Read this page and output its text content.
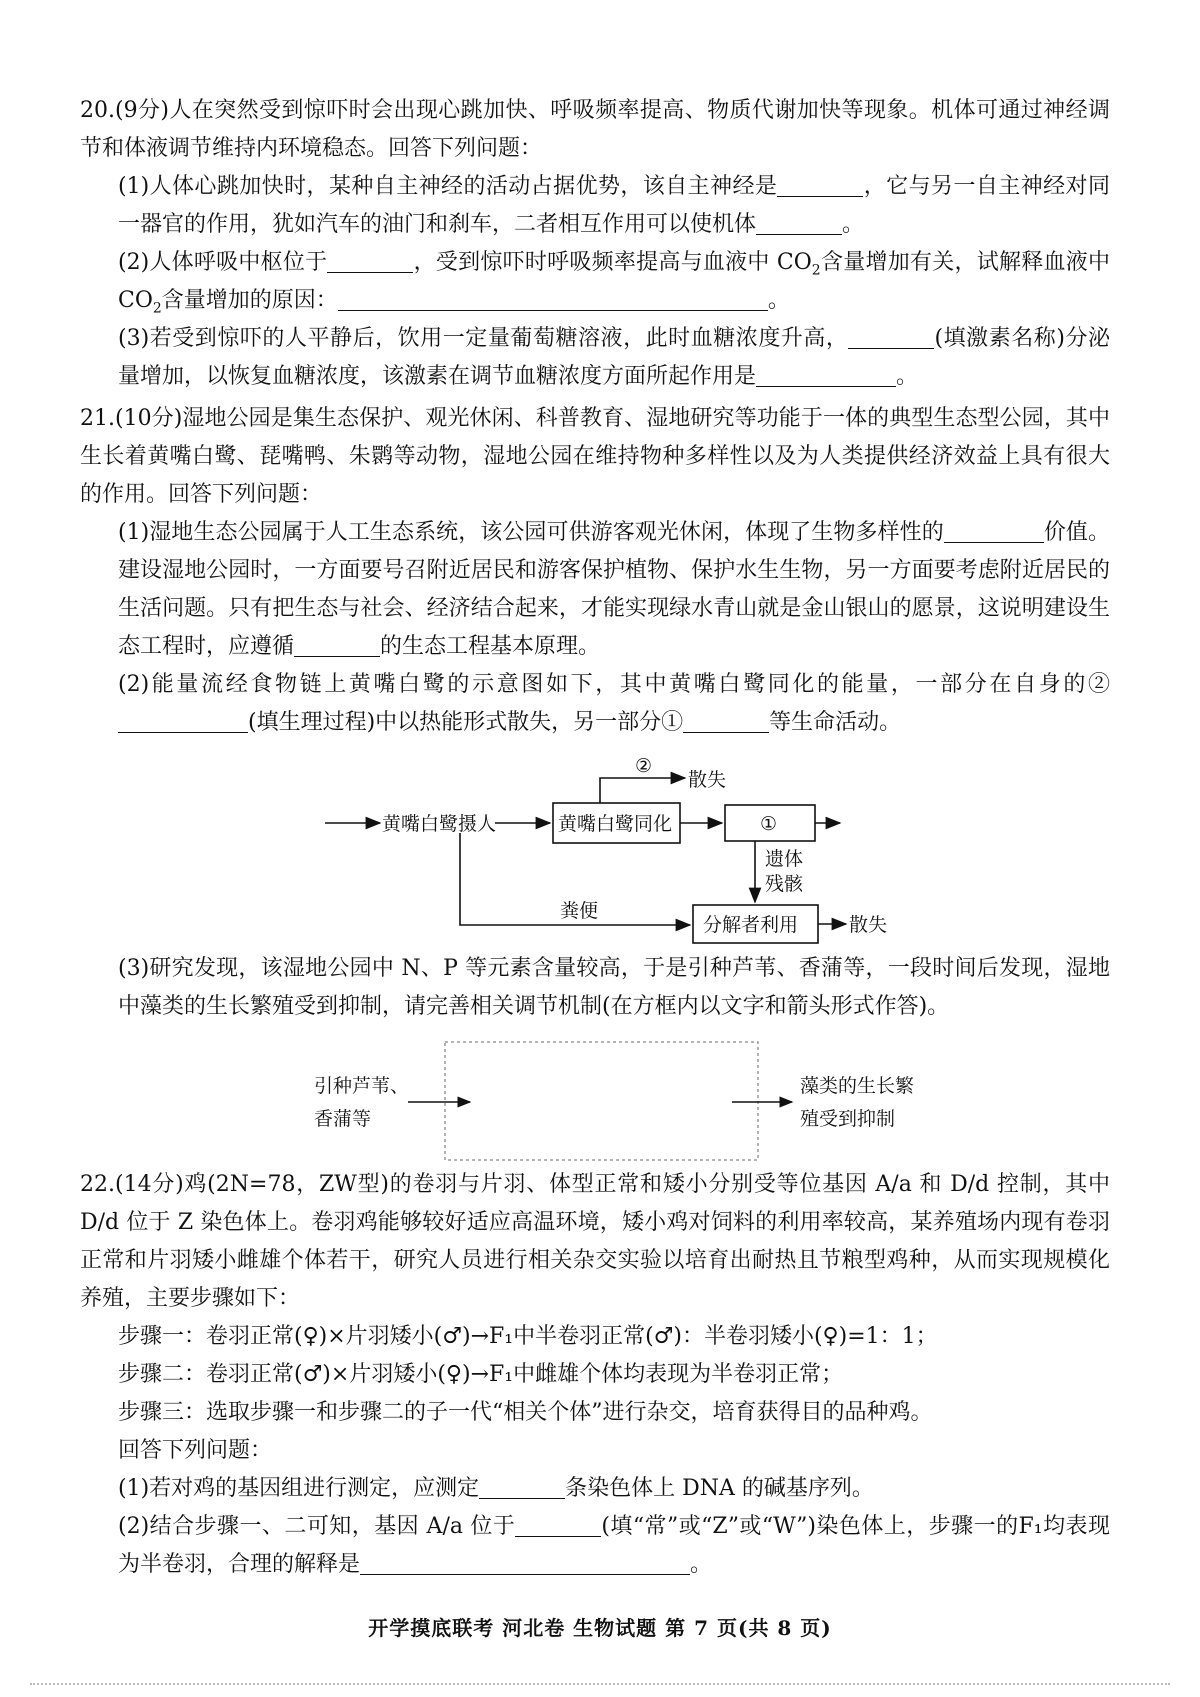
20.(9分)人在突然受到惊吓时会出现心跳加快、呼吸频率提高、物质代谢加快等现象。机体可通过神经调节和体液调节维持内环境稳态。回答下列问题：

(1)人体心跳加快时，某种自主神经的活动占据优势，该自主神经是	，它与另一自主神经对同一器官的作用，犹如汽车的油门和刹车，二者相互作用可以使机体	。

(2)人体呼吸中枢位于	，受到惊吓时呼吸频率提高与血液中 $CO_2$含量增加有关，试解释血液中 $CO_2$含量增加的原因：	。

(3)若受到惊吓的人平静后，饮用一定量葡萄糖溶液，此时血糖浓度升高，	(填激素名称)分泌量增加，以恢复血糖浓度，该激素在调节血糖浓度方面所起作用是	。

21.(10分)湿地公园是集生态保护、观光休闲、科普教育、湿地研究等功能于一体的典型生态型公园，其中生长着黄嘴白鹭、琵嘴鸭、朱鹮等动物，湿地公园在维持物种多样性以及为人类提供经济效益上具有很大的作用。回答下列问题：

(1)湿地生态公园属于人工生态系统，该公园可供游客观光休闲，体现了生物多样性的	价值。建设湿地公园时，一方面要号召附近居民和游客保护植物、保护水生生物，另一方面要考虑附近居民的生活问题。只有把生态与社会、经济结合起来，才能实现绿水青山就是金山银山的愿景，这说明建设生态工程时，应遵循	的生态工程基本原理。

(2)能量流经食物链上黄嘴白鹭的示意图如下，其中黄嘴白鹭同化的能量，一部分在自身的②(填生理过程)中以热能形式散失，另一部分①	等生命活动。

黄嘴白鹭摄人	黄嘴白鹭同化	①
②
散失
遗体
残骸
粪便
分解者利用	散失
引种芦苇、
香蒲等
藻类的生长繁
殖受到抑制

(3)研究发现，该湿地公园中 N、P 等元素含量较高，于是引种芦苇、香蒲等，一段时间后发现，湿地中藻类的生长繁殖受到抑制，请完善相关调节机制(在方框内以文字和箭头形式作答)。

22.(14分)鸡(2N=78，ZW型)的卷羽与片羽、体型正常和矮小分别受等位基因 A/a 和 D/d 控制，其中 D/d 位于 Z 染色体上。卷羽鸡能够较好适应高温环境，矮小鸡对饲料的利用率较高，某养殖场内现有卷羽正常和片羽矮小雌雄个体若干，研究人员进行相关杂交实验以培育出耐热且节粮型鸡种，从而实现规模化养殖，主要步骤如下：

步骤一：卷羽正常(♀)×片羽矮小(♂)→F₁中半卷羽正常(♂)：半卷羽矮小(♀)=1：1；
步骤二：卷羽正常(♂)×片羽矮小(♀)→F₁中雌雄个体均表现为半卷羽正常；
步骤三：选取步骤一和步骤二的子一代“相关个体”进行杂交，培育获得目的品种鸡。
回答下列问题：
(1)若对鸡的基因组进行测定，应测定	条染色体上 DNA 的碱基序列。

(2)结合步骤一、二可知，基因 A/a 位于	(填“常”或“Z”或“W”)染色体上，步骤一的F₁均表现为半卷羽，合理的解释是	。

开学摸底联考 河北卷 生物试题 第 7 页(共 8 页)
